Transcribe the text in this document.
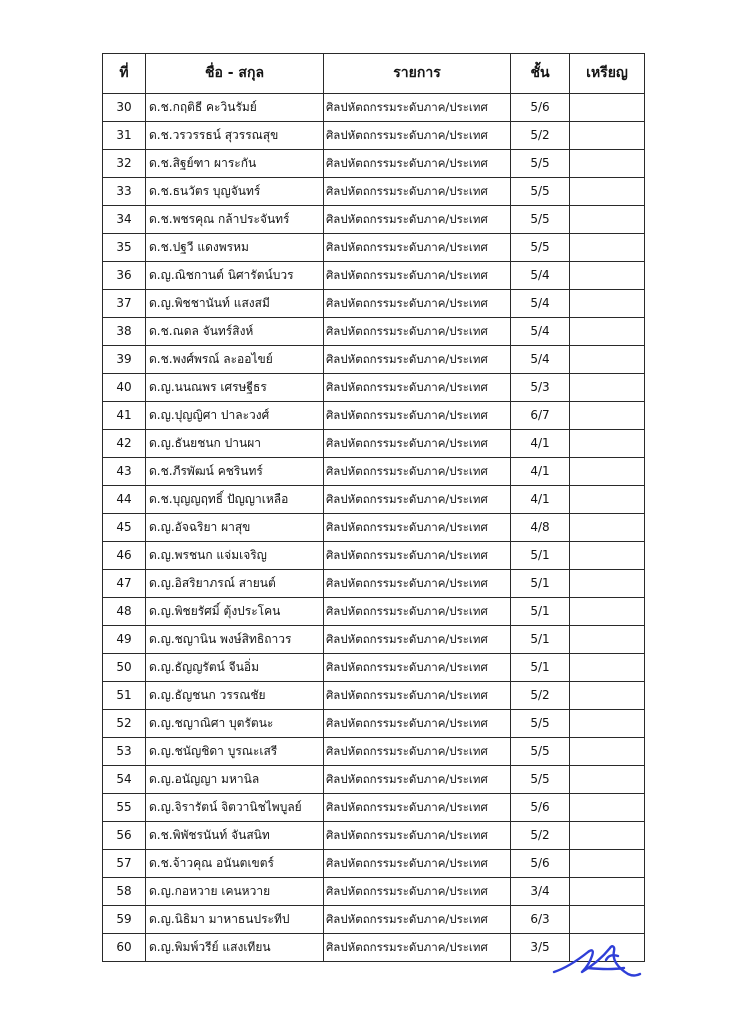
ที่	ชื่อ - สกุล	รายการ	ชั้น	เหรียญ
30	ด.ช.กฤติธี คะวินรัมย์	ศิลปหัตถกรรมระดับภาค/ประเทศ	5/6	
31	ด.ช.วรวรรธน์ สุวรรณสุข	ศิลปหัตถกรรมระดับภาค/ประเทศ	5/2	
32	ด.ช.สิฐย์ฑา ผาระกัน	ศิลปหัตถกรรมระดับภาค/ประเทศ	5/5	
33	ด.ช.ธนวัตร บุญจันทร์	ศิลปหัตถกรรมระดับภาค/ประเทศ	5/5	
34	ด.ช.พชรคุณ กล้าประจันทร์	ศิลปหัตถกรรมระดับภาค/ประเทศ	5/5	
35	ด.ช.ปฐวี แดงพรหม	ศิลปหัตถกรรมระดับภาค/ประเทศ	5/5	
36	ด.ญ.ณิชกานต์ นิศารัตน์บวร	ศิลปหัตถกรรมระดับภาค/ประเทศ	5/4	
37	ด.ญ.พิชชานันท์ แสงสมี	ศิลปหัตถกรรมระดับภาค/ประเทศ	5/4	
38	ด.ช.ณดล จันทร์สิงห์	ศิลปหัตถกรรมระดับภาค/ประเทศ	5/4	
39	ด.ช.พงศ์พรณ์ ละออไขย์	ศิลปหัตถกรรมระดับภาค/ประเทศ	5/4	
40	ด.ญ.นนณพร เศรษฐีธร	ศิลปหัตถกรรมระดับภาค/ประเทศ	5/3	
41	ด.ญ.ปุญญิศา ปาละวงศ์	ศิลปหัตถกรรมระดับภาค/ประเทศ	6/7	
42	ด.ญ.ธันยชนก ปานผา	ศิลปหัตถกรรมระดับภาค/ประเทศ	4/1	
43	ด.ช.ภีรพัฒน์ คชรินทร์	ศิลปหัตถกรรมระดับภาค/ประเทศ	4/1	
44	ด.ช.บุญญฤทธิ์ ปัญญาเหลือ	ศิลปหัตถกรรมระดับภาค/ประเทศ	4/1	
45	ด.ญ.อัจฉริยา ผาสุข	ศิลปหัตถกรรมระดับภาค/ประเทศ	4/8	
46	ด.ญ.พรชนก แจ่มเจริญ	ศิลปหัตถกรรมระดับภาค/ประเทศ	5/1	
47	ด.ญ.อิสริยาภรณ์ สายนต์	ศิลปหัตถกรรมระดับภาค/ประเทศ	5/1	
48	ด.ญ.พิชยรัศมิ์ ตุ้งประโคน	ศิลปหัตถกรรมระดับภาค/ประเทศ	5/1	
49	ด.ญ.ชญานิน พงษ์สิทธิถาวร	ศิลปหัตถกรรมระดับภาค/ประเทศ	5/1	
50	ด.ญ.ธัญญรัตน์ จีนอิ่ม	ศิลปหัตถกรรมระดับภาค/ประเทศ	5/1	
51	ด.ญ.ธัญชนก วรรณชัย	ศิลปหัตถกรรมระดับภาค/ประเทศ	5/2	
52	ด.ญ.ชญาณิศา บุตรัตนะ	ศิลปหัตถกรรมระดับภาค/ประเทศ	5/5	
53	ด.ญ.ชนัญชิดา บูรณะเสรี	ศิลปหัตถกรรมระดับภาค/ประเทศ	5/5	
54	ด.ญ.อนัญญา มหานิล	ศิลปหัตถกรรมระดับภาค/ประเทศ	5/5	
55	ด.ญ.จิรารัตน์ จิตวานิชไพบูลย์	ศิลปหัตถกรรมระดับภาค/ประเทศ	5/6	
56	ด.ช.พิพัชรนันท์ จันสนิท	ศิลปหัตถกรรมระดับภาค/ประเทศ	5/2	
57	ด.ช.จ้าวคุณ อนันตเขตร์	ศิลปหัตถกรรมระดับภาค/ประเทศ	5/6	
58	ด.ญ.กอหวาย เคนหวาย	ศิลปหัตถกรรมระดับภาค/ประเทศ	3/4	
59	ด.ญ.นิธิมา มาหาธนประทีป	ศิลปหัตถกรรมระดับภาค/ประเทศ	6/3	
60	ด.ญ.พิมพ์วรีย์ แสงเทียน	ศิลปหัตถกรรมระดับภาค/ประเทศ	3/5	
